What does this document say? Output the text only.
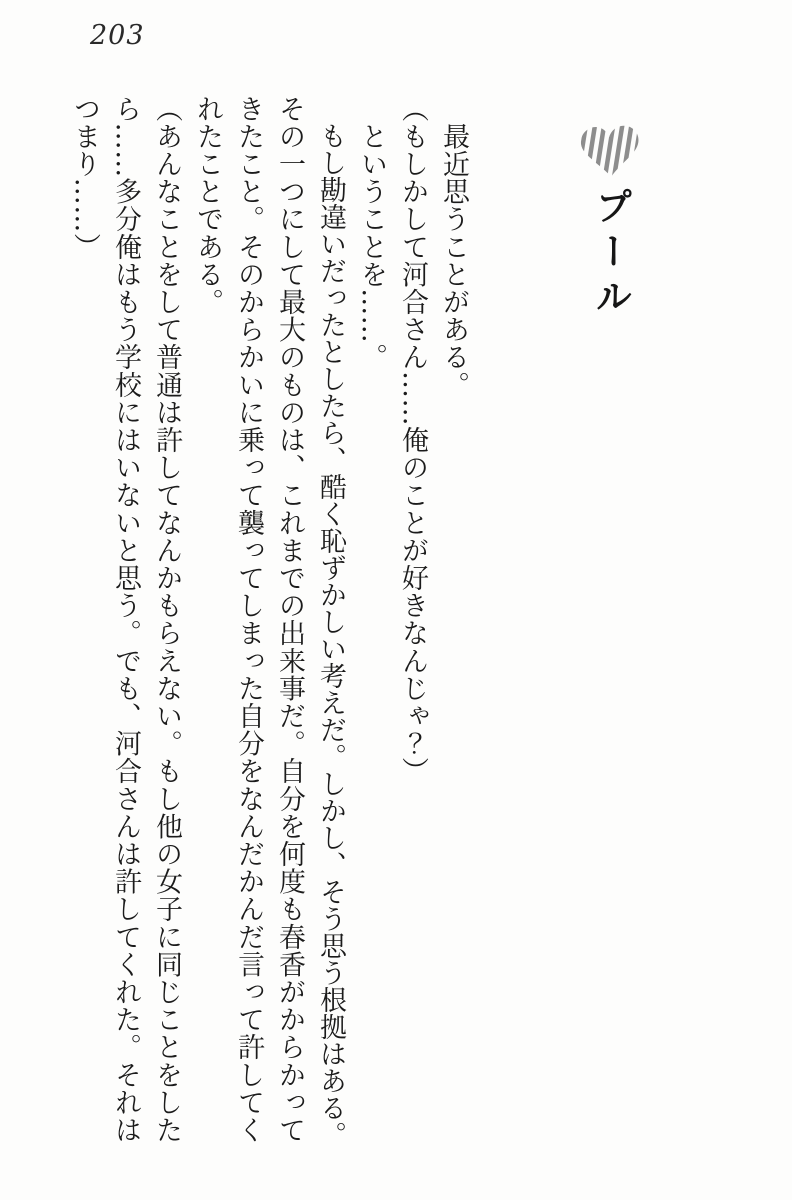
203
プール

　最近思うことがある。

（もしかして河合さん……俺のことが好きなんじゃ？）

　ということを……。

　もし勘違いだったとしたら、酷く恥ずかしい考えだ。しかし、そう思う根拠はある。

その一つにして最大のものは、これまでの出来事だ。自分を何度も春香がからかって

きたこと。そのからかいに乗って襲ってしまった自分をなんだかんだ言って許してく

れたことである。

（あんなことをして普通は許してなんかもらえない。もし他の女子に同じことをした

ら……多分俺はもう学校にはいないと思う。でも、河合さんは許してくれた。それは

つまり……）
